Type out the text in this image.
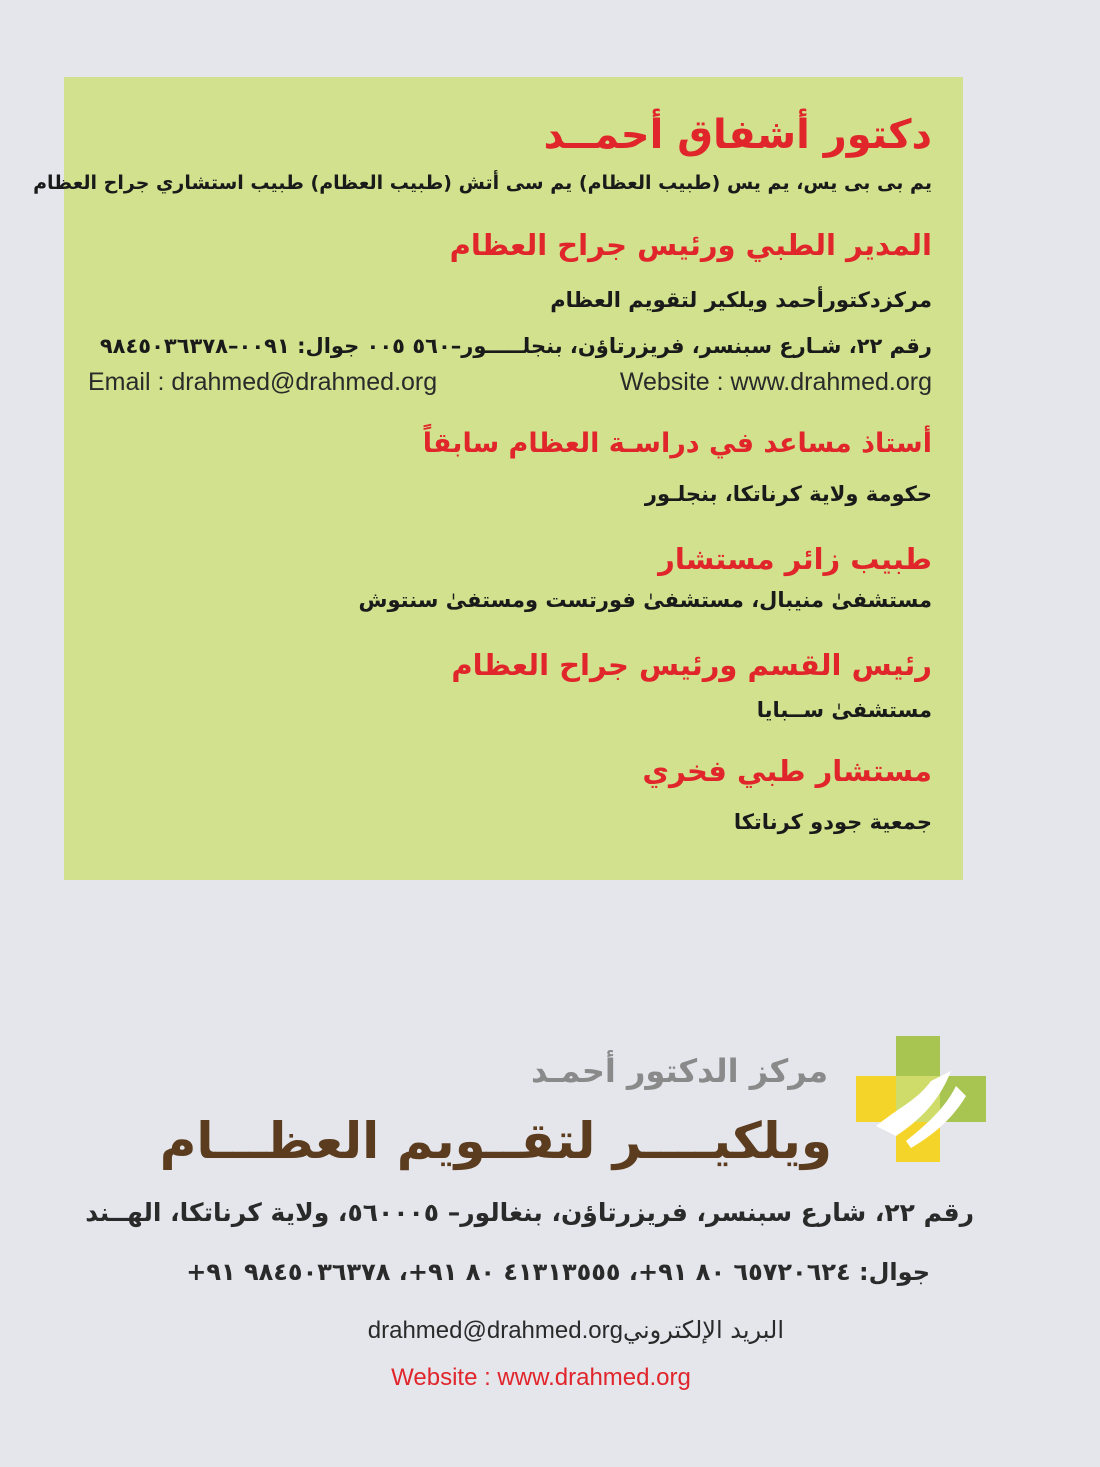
دكتور أشفاق أحمــد
يم بى بى يس، يم يس (طبيب العظام) يم سى أتش (طبيب العظام) طبيب استشاري جراح العظام
المدير الطبي ورئيس جراح العظام
مركزدكتورأحمد ويلكير لتقويم العظام
رقم ٢٢، شـارع سبنسر، فريزرتاؤن، بنجلـــــور–٥٦٠ ٠٠٥ جوال: ٠٠٩١–٩٨٤٥٠٣٦٣٧٨
Email : drahmed@drahmed.org	Website : www.drahmed.org
أستاذ مساعد في دراسـة العظام سابقاً
حكومة ولاية كرناتكا، بنجلـور
طبيب زائر مستشار
مستشفىٰ منيبال، مستشفىٰ فورتست ومستفىٰ سنتوش
رئيس القسم ورئيس جراح العظام
مستشفىٰ ســبايا
مستشار طبي فخري
جمعية جودو كرناتكا
مركز الدكتور أحمـد
ويلكيــــر لتقــويم العظـــام
رقم ٢٢، شارع سبنسر، فريزرتاؤن، بنغالور– ٥٦٠٠٠٥، ولاية كرناتكا، الهــند
جوال: ٦٥٧٢٠٦٢٤ ٨٠ ٩١+، ٤١٣١٣٥٥٥ ٨٠ ٩١+، ٩٨٤٥٠٣٦٣٧٨ ٩١+
البريد الإلكترونيdrahmed@drahmed.org
Website : www.drahmed.org
